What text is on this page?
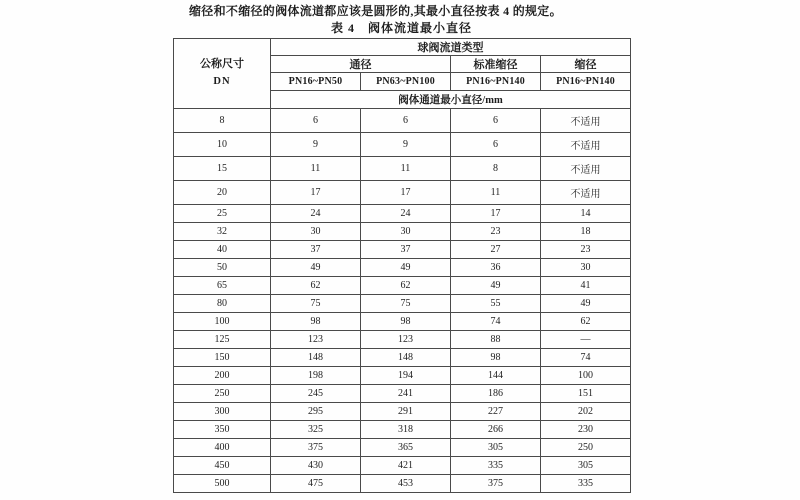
缩径和不缩径的阀体流道都应该是圆形的,其最小直径按表 4 的规定。
表 4　阀体流道最小直径
公称尺寸
DN	球阀流道类型			
	通径		标准缩径	缩径
	PN16~PN50	PN63~PN100	PN16~PN140	PN16~PN140
	阀体通道最小直径/mm			
8	6	6	6	不适用
10	9	9	6	不适用
15	11	11	8	不适用
20	17	17	11	不适用
25	24	24	17	14
32	30	30	23	18
40	37	37	27	23
50	49	49	36	30
65	62	62	49	41
80	75	75	55	49
100	98	98	74	62
125	123	123	88	—
150	148	148	98	74
200	198	194	144	100
250	245	241	186	151
300	295	291	227	202
350	325	318	266	230
400	375	365	305	250
450	430	421	335	305
500	475	453	375	335
